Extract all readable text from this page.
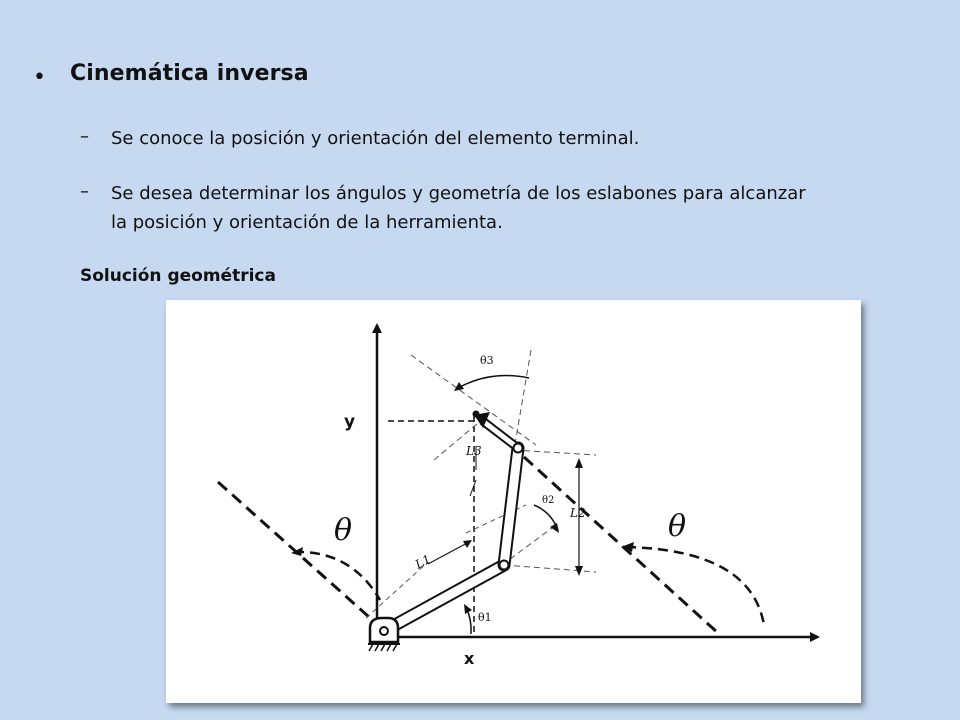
• Cinemática inversa
– Se conoce la posición y orientación del elemento terminal.
– Se desea determinar los ángulos y geometría de los eslabones para alcanzar
la posición y orientación de la herramienta.
Solución geométrica
y
x
θ	θ
θ3
θ2
θ1
L3
L2
L1
